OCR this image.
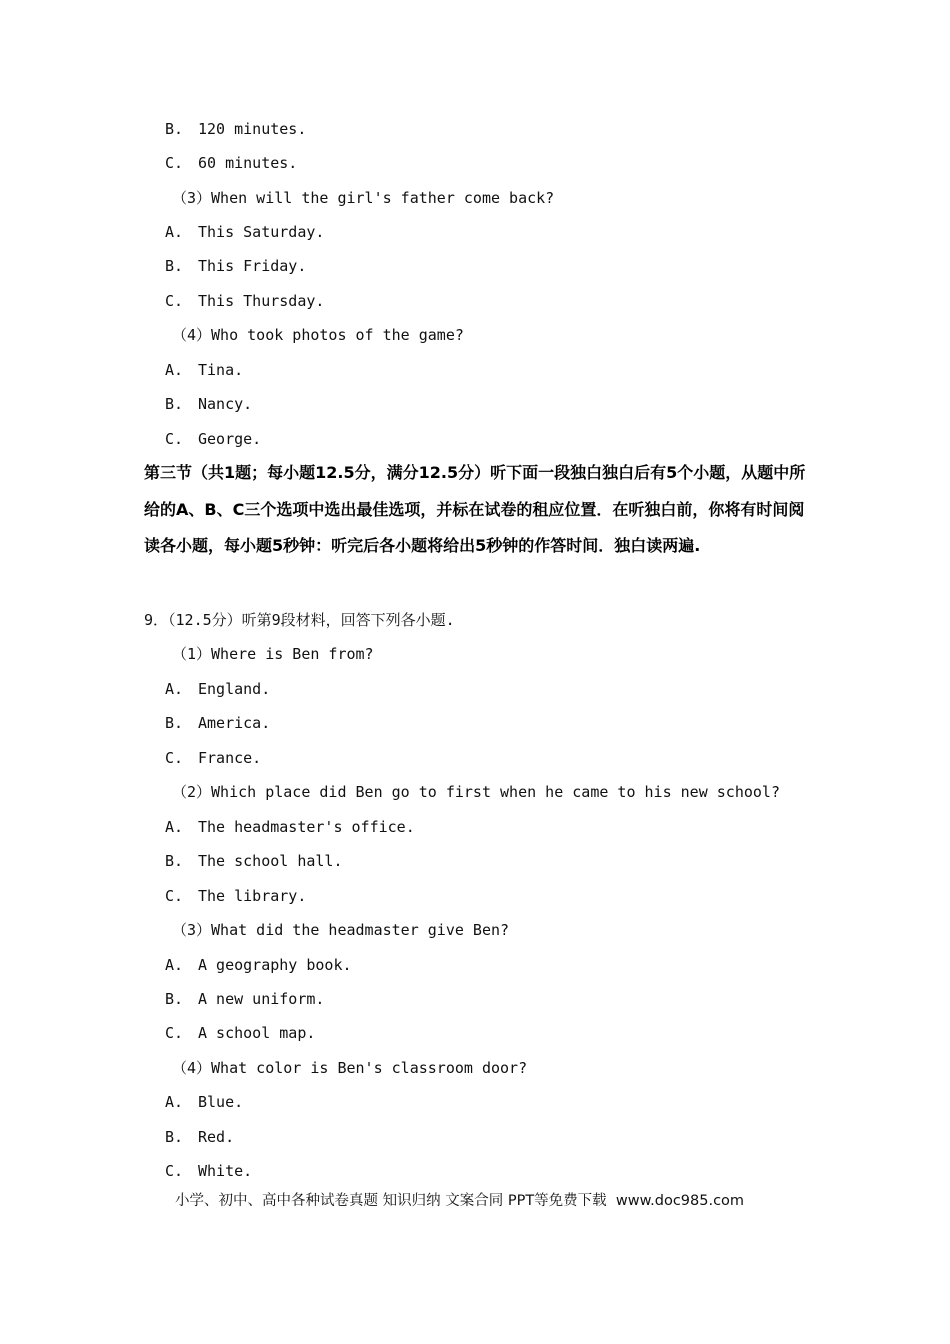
B. 120 minutes.
C. 60 minutes.
（3）When will the girl's father come back?
A. This Saturday.
B. This Friday.
C. This Thursday.
（4）Who took photos of the game?
A. Tina.
B. Nancy.
C. George.
第三节（共1题；每小题12.5分，满分12.5分）听下面一段独白独白后有5个小题，从题中所给的A、B、C三个选项中选出最佳选项，并标在试卷的租应位置．在听独白前，你将有时间阅读各小题，每小题5秒钟：听完后各小题将给出5秒钟的作答时间．独白读两遍.
9．（12.5分）听第9段材料，回答下列各小题.
（1）Where is Ben from?
A. England.
B. America.
C. France.
（2）Which place did Ben go to first when he came to his new school?
A. The headmaster's office.
B. The school hall.
C. The library.
（3）What did the headmaster give Ben?
A. A geography book.
B. A new uniform.
C. A school map.
（4）What color is Ben's classroom door?
A. Blue.
B. Red.
C. White.
小学、初中、高中各种试卷真题 知识归纳 文案合同 PPT等免费下载  www.doc985.com
